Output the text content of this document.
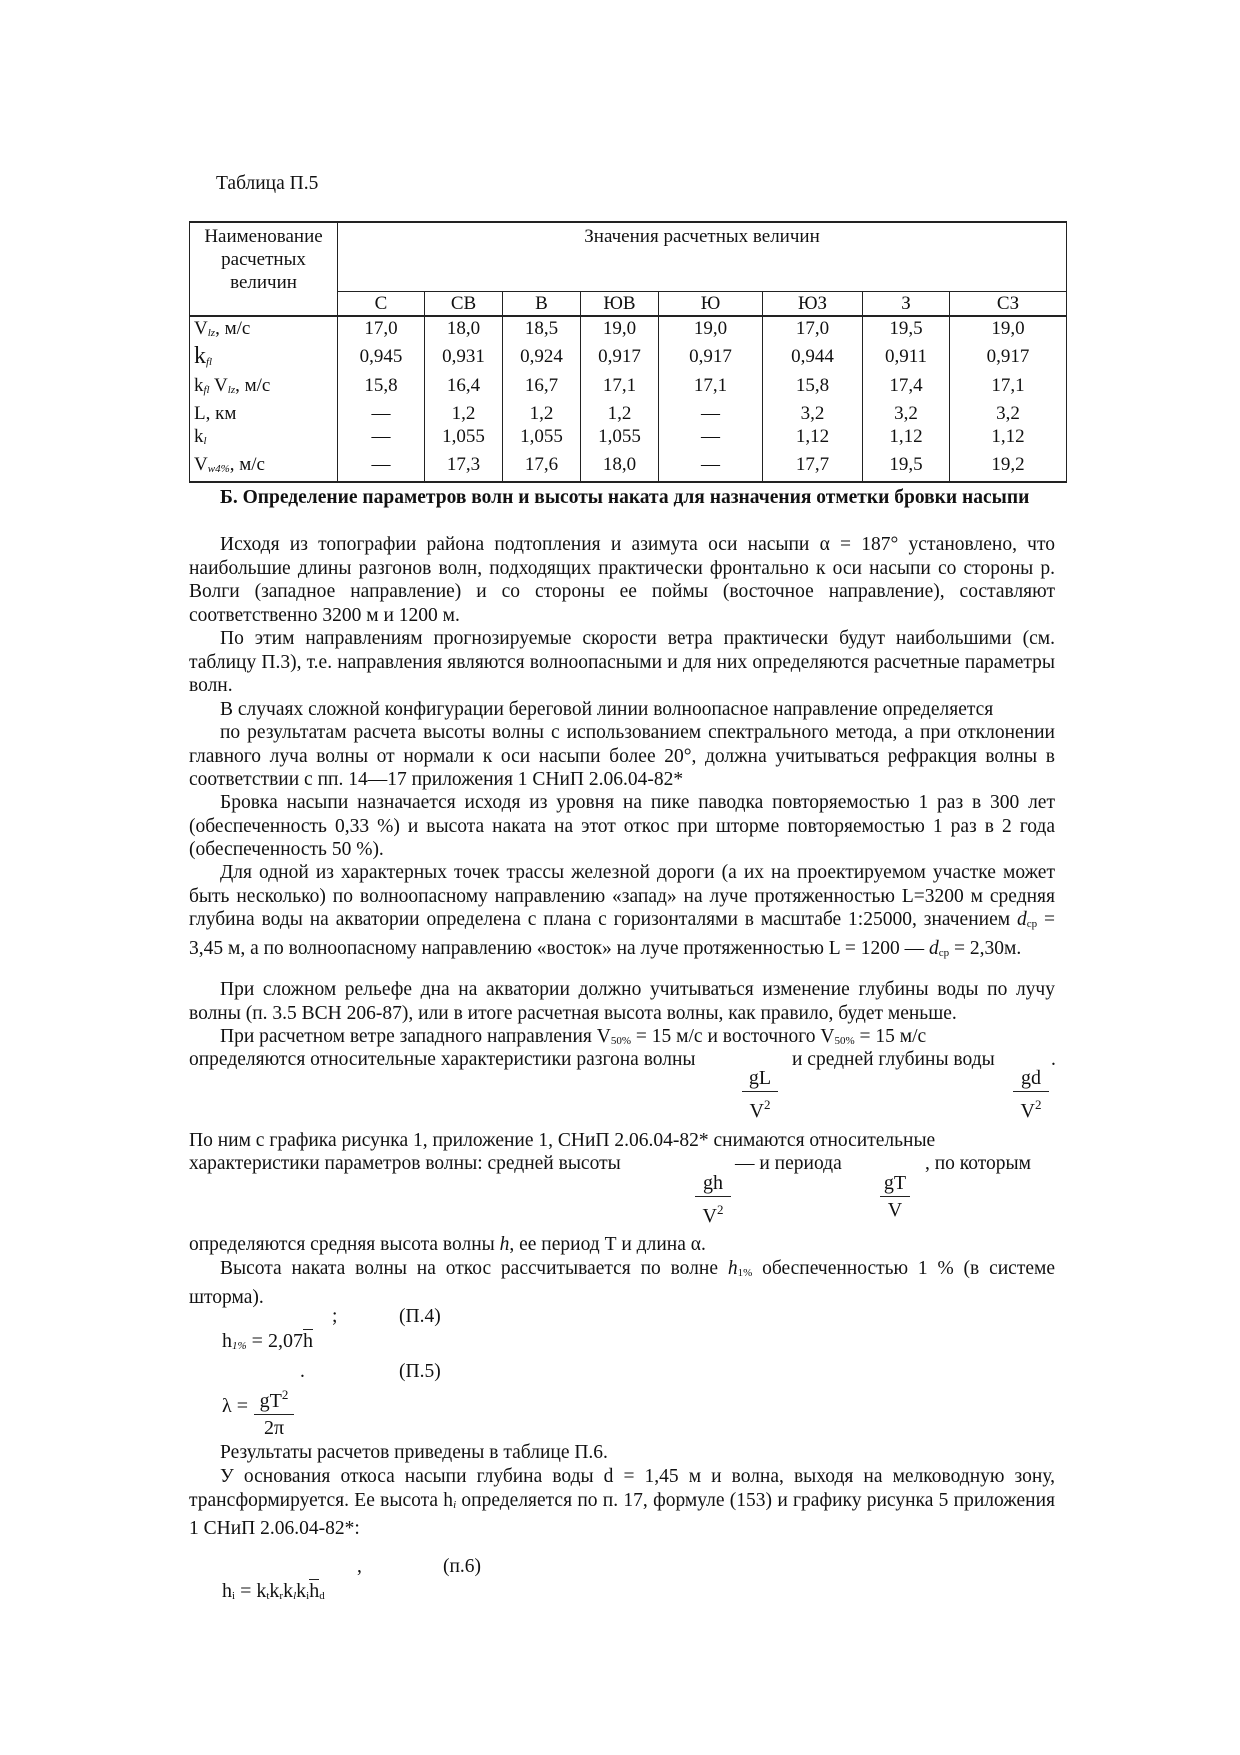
Таблица П.5
Наименование расчетных величин	Значения расчетных величин							
	С	СВ	В	ЮВ	Ю	ЮЗ	З	СЗ
$V_{lz}$, м/с	17,0	18,0	18,5	19,0	19,0	17,0	19,5	19,0
$k_{fl}$	0,945	0,931	0,924	0,917	0,917	0,944	0,911	0,917
$k_{fl}$ $V_{lz}$, м/с	15,8	16,4	16,7	17,1	17,1	15,8	17,4	17,1
L, км	—	1,2	1,2	1,2	—	3,2	3,2	3,2
$k_l$	—	1,055	1,055	1,055	—	1,12	1,12	1,12
$V_{w4\%}$, м/с	—	17,3	17,6	18,0	—	17,7	19,5	19,2
Б. Определение параметров волн и высоты наката для назначения отметки бровки насыпи
Исходя из топографии района подтопления и азимута оси насыпи α = 187° установлено, что наибольшие длины разгонов волн, подходящих практически фронтально к оси насыпи со стороны р. Волги (западное направление) и со стороны ее поймы (восточное направление), составляют соответственно 3200 м и 1200 м.
По этим направлениям прогнозируемые скорости ветра практически будут наибольшими (см. таблицу П.3), т.е. направления являются волноопасными и для них определяются расчетные параметры волн.
В случаях сложной конфигурации береговой линии волноопасное направление определяется
по результатам расчета высоты волны с использованием спектрального метода, а при отклонении главного луча волны от нормали к оси насыпи более 20°, должна учитываться рефракция волны в соответствии с пп. 14—17 приложения 1 СНиП 2.06.04-82*
Бровка насыпи назначается исходя из уровня на пике паводка повторяемостью 1 раз в 300 лет (обеспеченность 0,33 %) и высота наката на этот откос при шторме повторяемостью 1 раз в 2 года (обеспеченность 50 %).
Для одной из характерных точек трассы железной дороги (а их на проектируемом участке может быть несколько) по волноопасному направлению «запад» на луче протяженностью L=3200 м средняя глубина воды на акватории определена с плана с горизонталями в масштабе 1:25000, значением $d_{ср} = 3,45$ м, а по волноопасному направлению «восток» на луче протяженностью L = 1200 — $d_{ср} = 2,30м$.
При сложном рельефе дна на акватории должно учитываться изменение глубины воды по лучу волны (п. 3.5 ВСН 206-87), или в итоге расчетная высота волны, как правило, будет меньше.
При расчетном ветре западного направления $V_{50\%} = 15$ м/с и восточного $V_{50\%} = 15$ м/с
определяются относительные характеристики разгона волны	и средней глубины воды	.
gL
$V^2$
gd
$V^2$
По ним с графика рисунка 1, приложение 1, СНиП 2.06.04-82* снимаются относительные
характеристики параметров волны: средней высоты	— и периода	, по которым
gh
$V^2$
gT
V
определяются средняя высота волны h, ее период Т и длина α.
Высота наката волны на откос рассчитывается по волне $h_{1\%}$ обеспеченностью 1 % (в системе шторма).
$h_{1\%} = 2,07h$
;	(П.4)
$\lambda = gT^2$
2π
.	(П.5)
Результаты расчетов приведены в таблице П.6.
У основания откоса насыпи глубина воды d = 1,45 м и волна, выходя на мелководную зону, трансформируется. Ее высота $h_i$ определяется по п. 17, формуле (153) и графику рисунка 5 приложения 1 СНиП 2.06.04-82*:
$h_i = k_tk_rk_lk_ih_d$
,	(п.6)
